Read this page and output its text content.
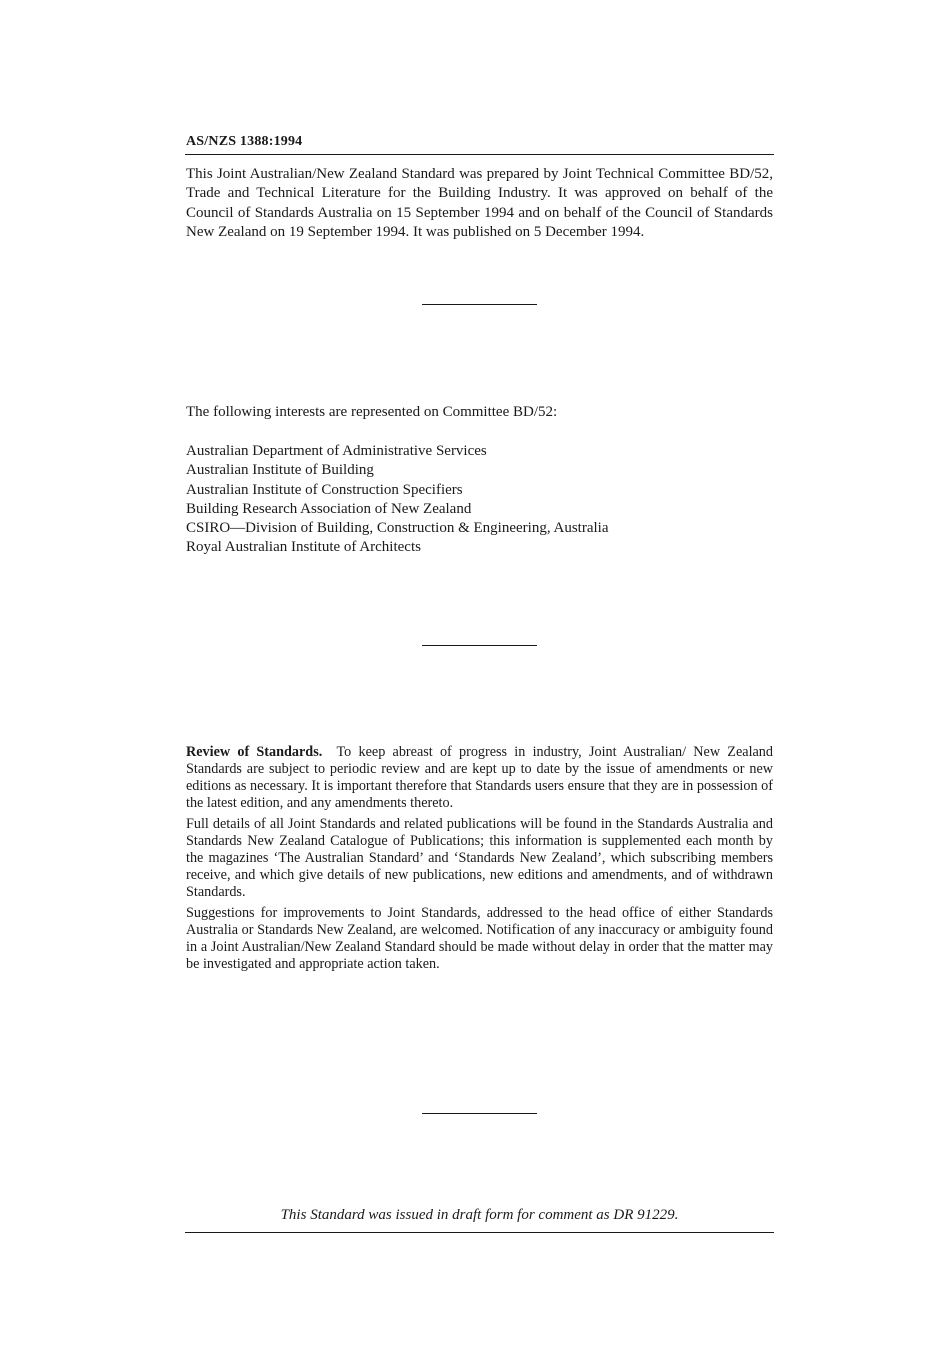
AS/NZS 1388:1994

This Joint Australian/New Zealand Standard was prepared by Joint Technical Committee BD/52, Trade and Technical Literature for the Building Industry. It was approved on behalf of the Council of Standards Australia on 15 September 1994 and on behalf of the Council of Standards New Zealand on 19 September 1994. It was published on 5 December 1994.

The following interests are represented on Committee BD/52:

Australian Department of Administrative Services
Australian Institute of Building
Australian Institute of Construction Specifiers
Building Research Association of New Zealand
CSIRO—Division of Building, Construction & Engineering, Australia
Royal Australian Institute of Architects

Review of Standards. To keep abreast of progress in industry, Joint Australian/ New Zealand Standards are subject to periodic review and are kept up to date by the issue of amendments or new editions as necessary. It is important therefore that Standards users ensure that they are in possession of the latest edition, and any amendments thereto.

Full details of all Joint Standards and related publications will be found in the Standards Australia and Standards New Zealand Catalogue of Publications; this information is supplemented each month by the magazines ‘The Australian Standard’ and ‘Standards New Zealand’, which subscribing members receive, and which give details of new publications, new editions and amendments, and of withdrawn Standards.

Suggestions for improvements to Joint Standards, addressed to the head office of either Standards Australia or Standards New Zealand, are welcomed. Notification of any inaccuracy or ambiguity found in a Joint Australian/New Zealand Standard should be made without delay in order that the matter may be investigated and appropriate action taken.

This Standard was issued in draft form for comment as DR 91229.
